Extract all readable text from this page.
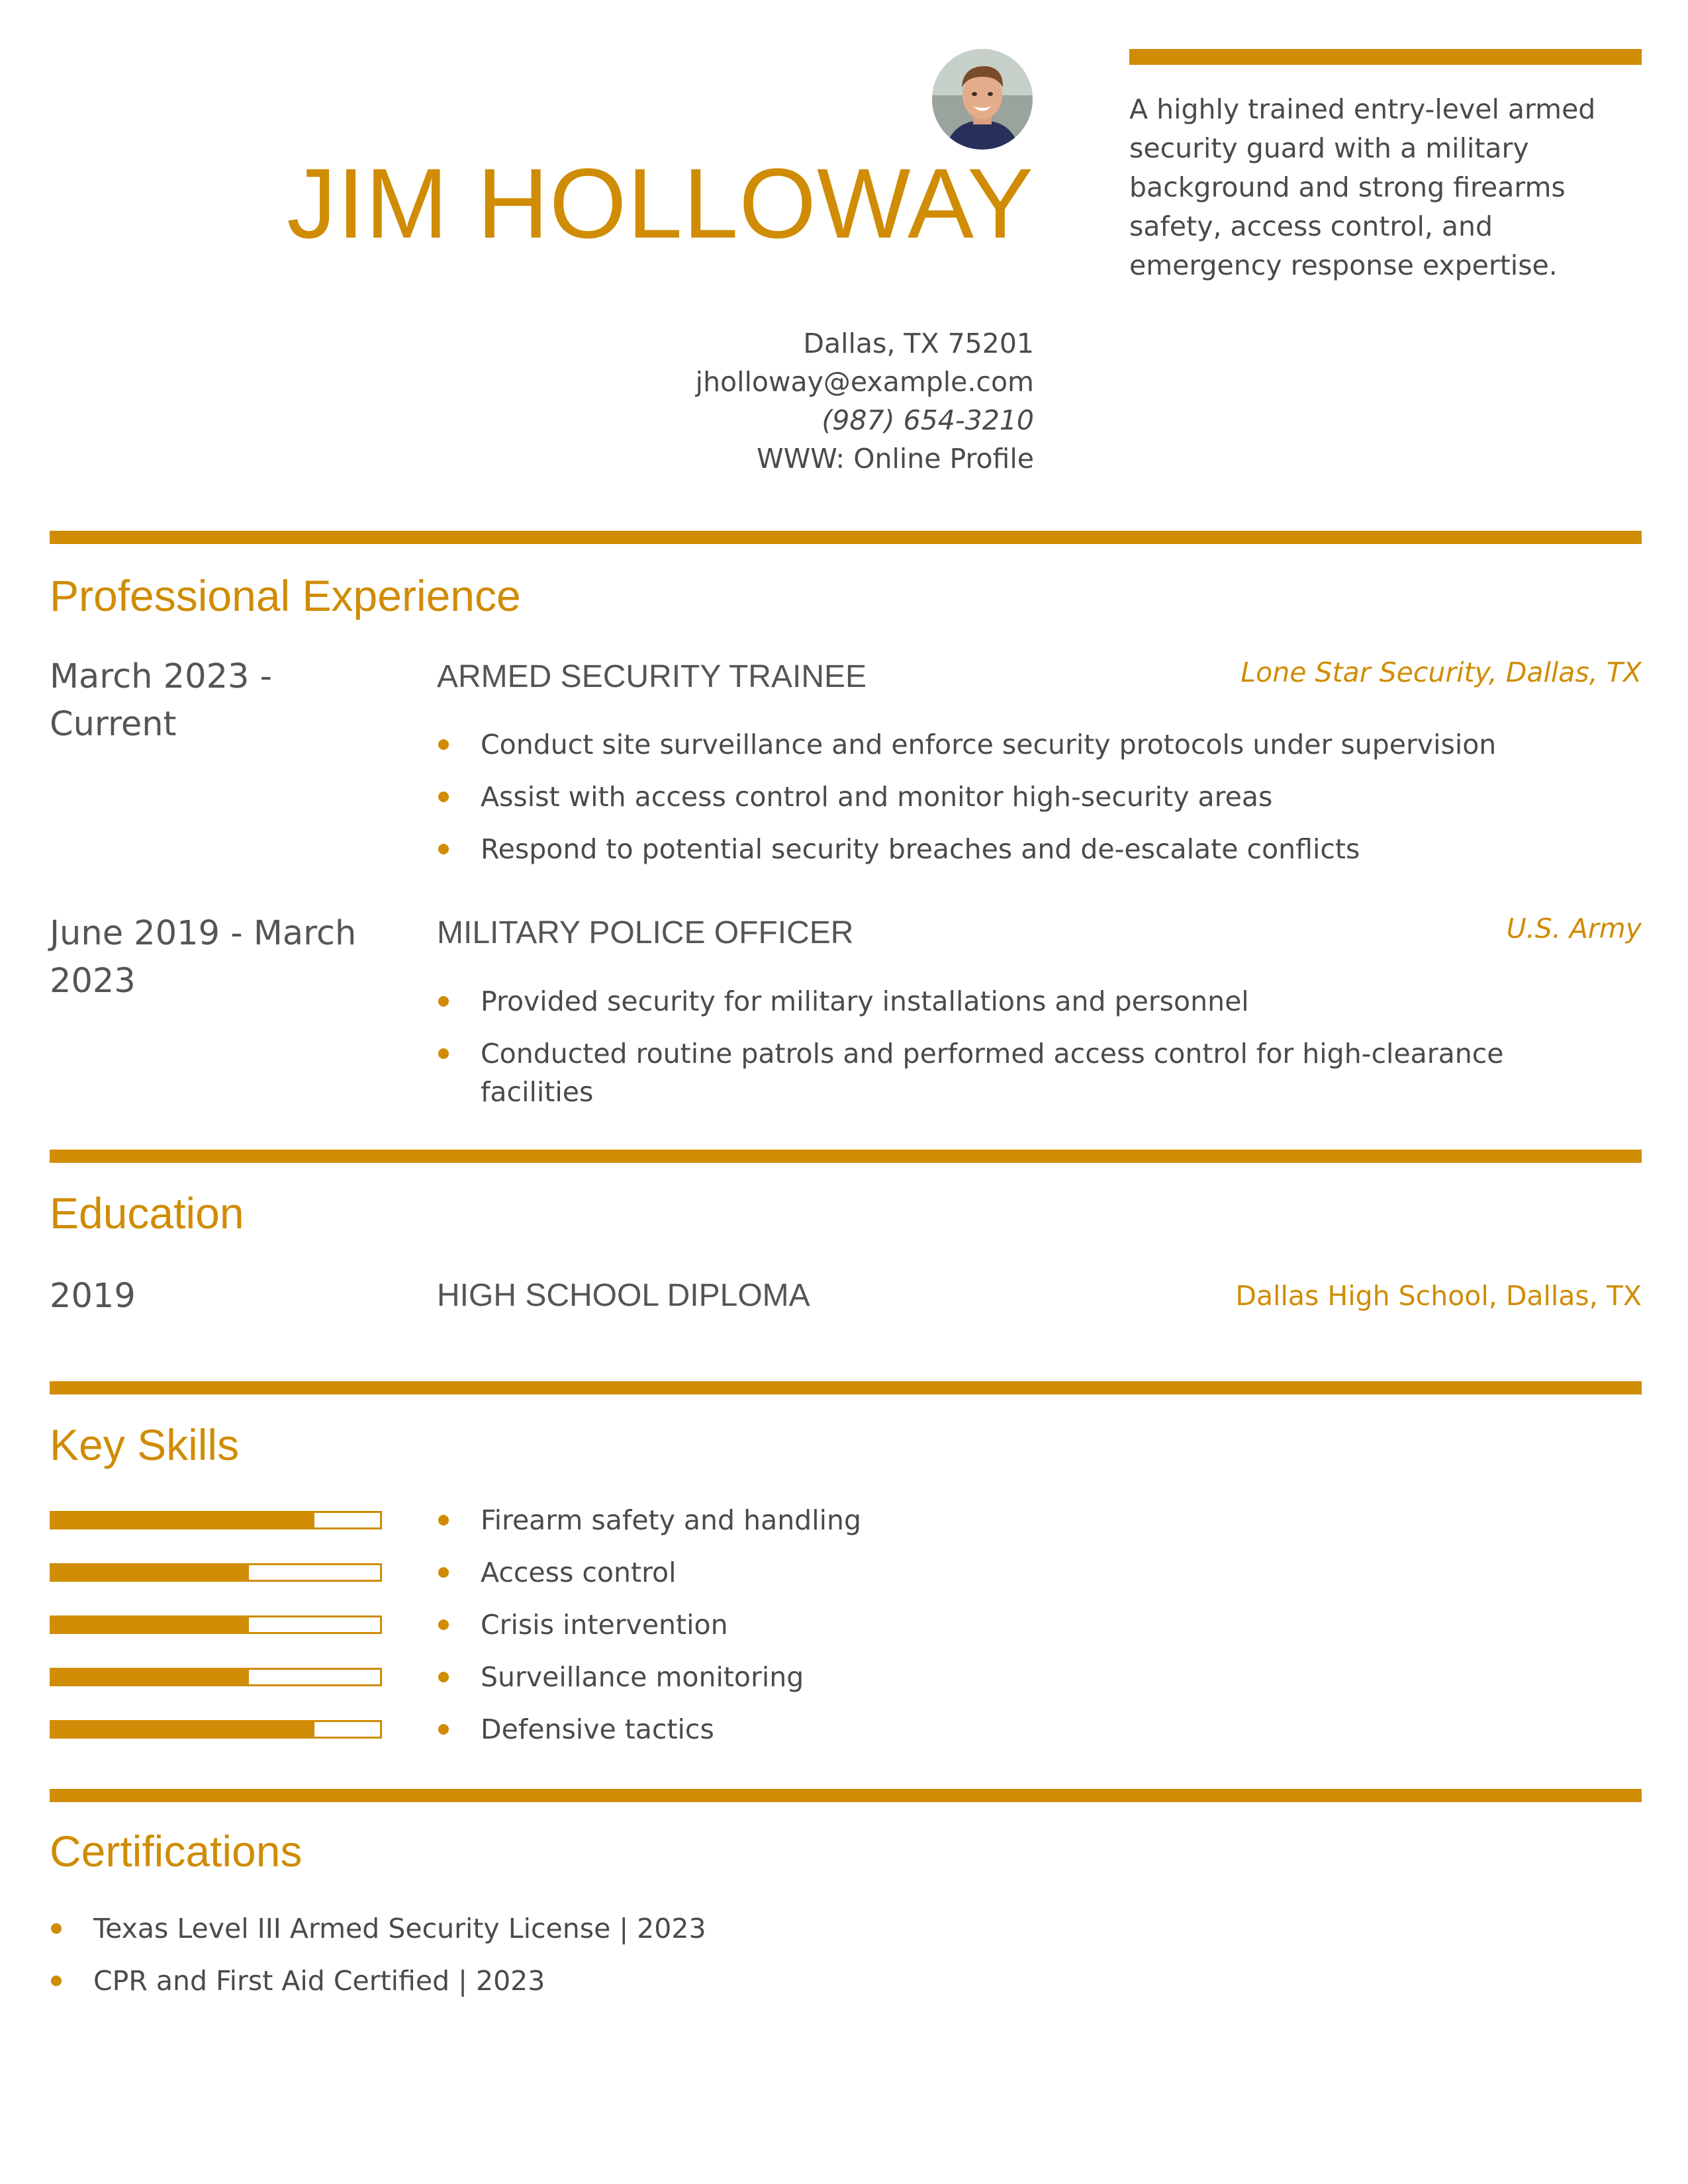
JIM HOLLOWAY
Dallas, TX 75201
jholloway@example.com
(987) 654-3210
WWW: Online Profile
A highly trained entry-level armed security guard with a military background and strong firearms safety, access control, and emergency response expertise.
Professional Experience
March 2023 - Current
ARMED SECURITY TRAINEE	Lone Star Security, Dallas, TX
Conduct site surveillance and enforce security protocols under supervision
Assist with access control and monitor high-security areas
Respond to potential security breaches and de-escalate conflicts
June 2019 - March 2023
MILITARY POLICE OFFICER	U.S. Army
Provided security for military installations and personnel
Conducted routine patrols and performed access control for high-clearance facilities
Education
2019	HIGH SCHOOL DIPLOMA	Dallas High School, Dallas, TX
Key Skills
Firearm safety and handling
Access control
Crisis intervention
Surveillance monitoring
Defensive tactics
Certifications
Texas Level III Armed Security License | 2023
CPR and First Aid Certified | 2023
